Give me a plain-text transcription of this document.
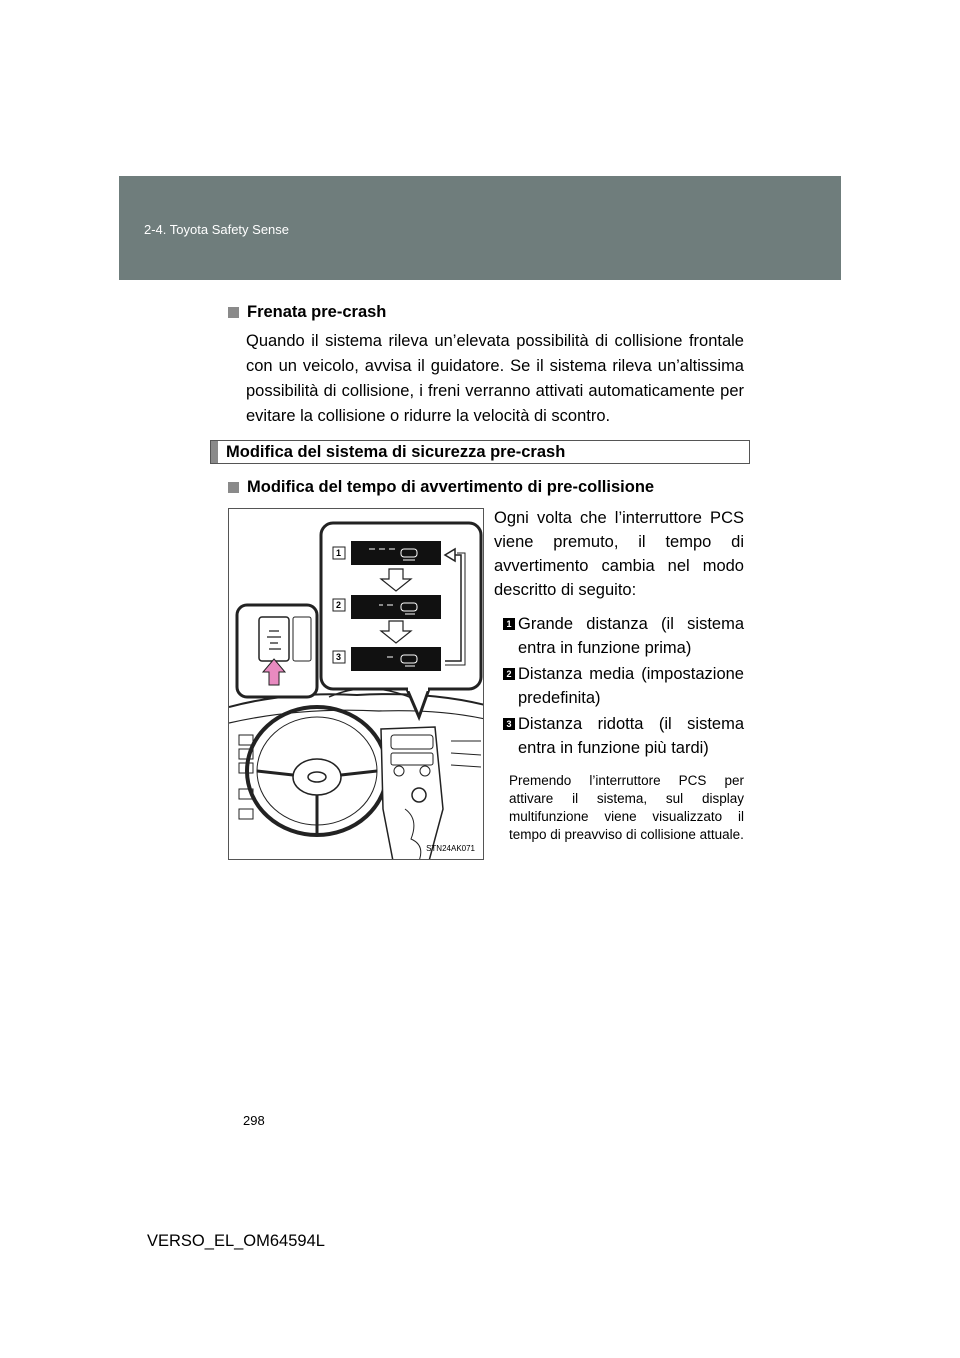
2-4. Toyota Safety Sense
Frenata pre-crash
Quando il sistema rileva un’elevata possibilità di collisione frontale con un veicolo, avvisa il guidatore. Se il sistema rileva un’altissima possibilità di collisione, i freni verranno attivati automaticamente per evitare la collisione o ridurre la velocità di scontro.
Modifica del sistema di sicurezza pre-crash
Modifica del tempo di avvertimento di pre-collisione
1
2
3
STN24AK071

Ogni volta che l’interruttore PCS viene premuto, il tempo di avvertimento cambia nel modo descritto di seguito:

1 Grande distanza (il sistema entra in funzione prima)
2 Distanza media (impostazione predefinita)
3 Distanza ridotta (il sistema entra in funzione più tardi)
Premendo l’interruttore PCS per attivare il sistema, sul display multifunzione viene visualizzato il tempo di preavviso di collisione attuale.
298
VERSO_EL_OM64594L
